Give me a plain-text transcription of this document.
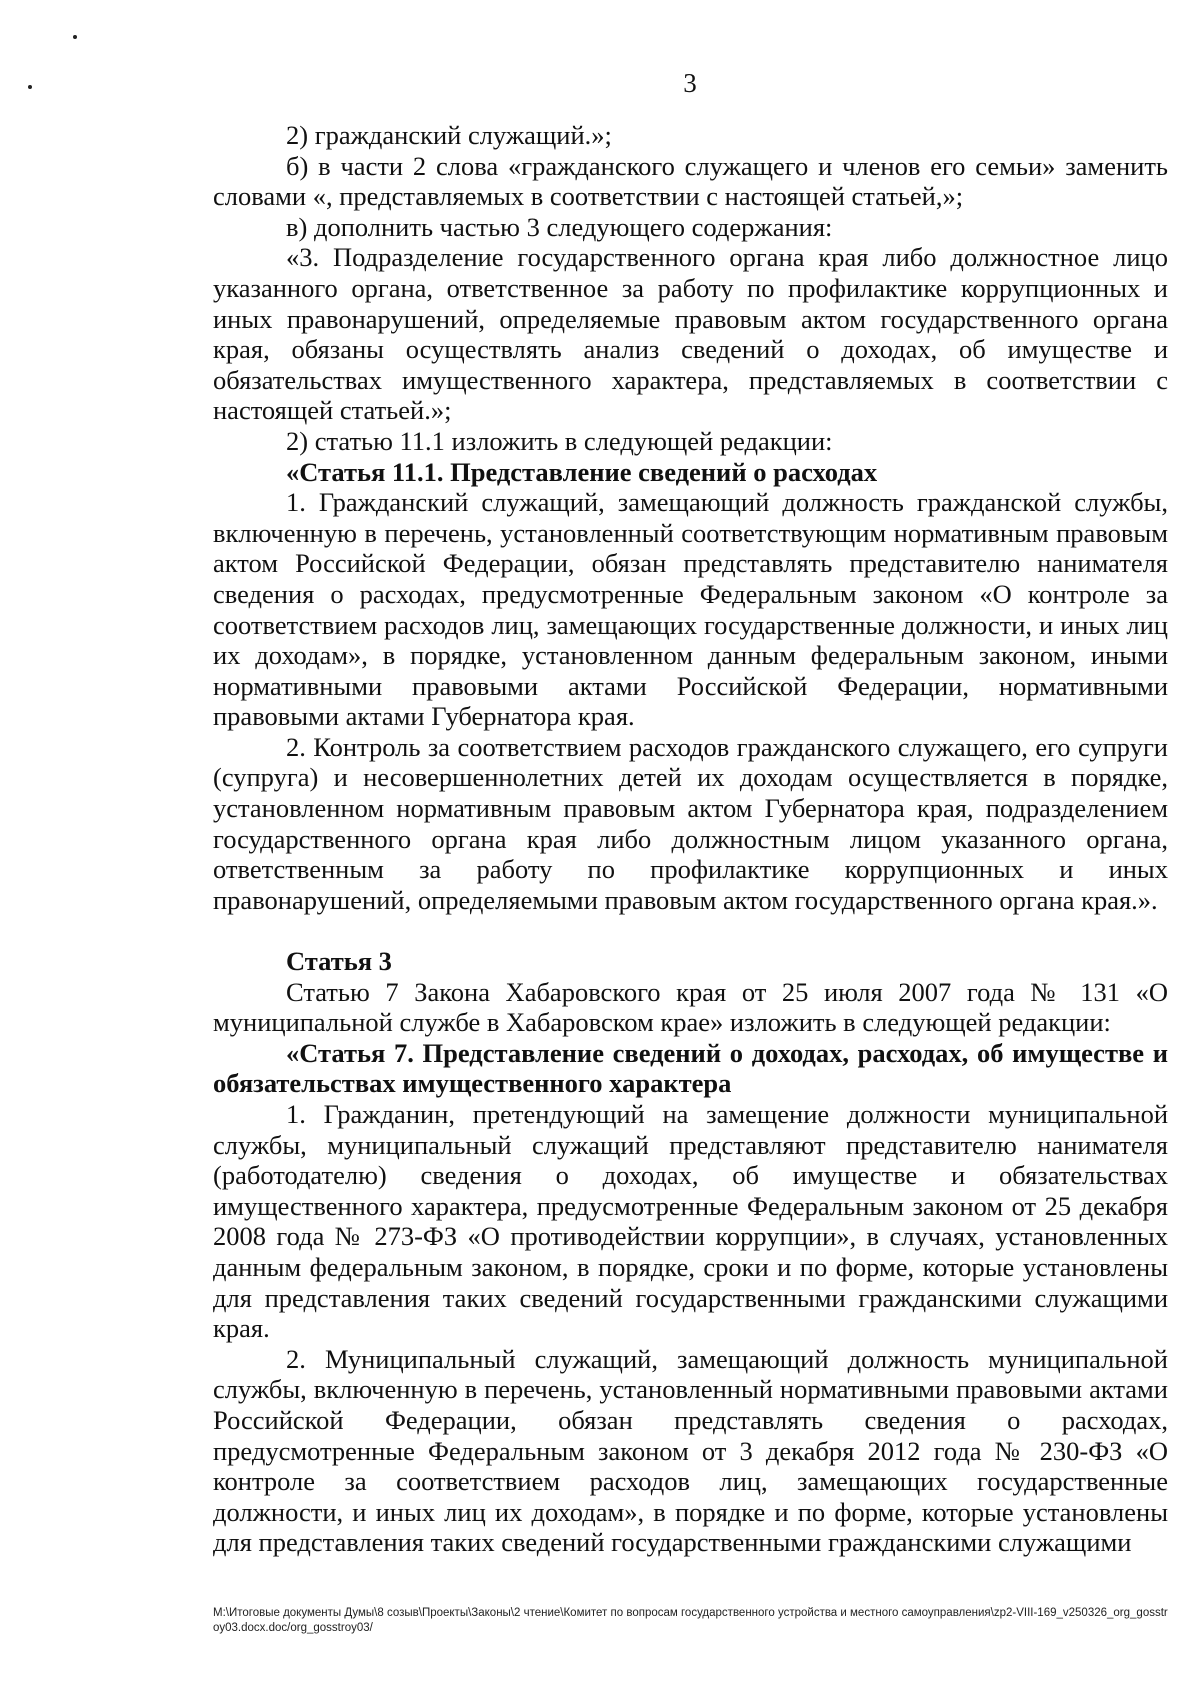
3

2) гражданский служащий.»;

б) в части 2 слова «гражданского служащего и членов его семьи» заменить словами «, представляемых в соответствии с настоящей статьей,»;

в) дополнить частью 3 следующего содержания:

«3. Подразделение государственного органа края либо должностное лицо указанного органа, ответственное за работу по профилактике коррупционных и иных правонарушений, определяемые правовым актом государственного органа края, обязаны осуществлять анализ сведений о доходах, об имуществе и обязательствах имущественного характера, представляемых в соответствии с настоящей статьей.»;

2) статью 11.1 изложить в следующей редакции:

«Статья 11.1. Представление сведений о расходах

1. Гражданский служащий, замещающий должность гражданской службы, включенную в перечень, установленный соответствующим нормативным правовым актом Российской Федерации, обязан представлять представителю нанимателя сведения о расходах, предусмотренные Федеральным законом «О контроле за соответствием расходов лиц, замещающих государственные должности, и иных лиц их доходам», в порядке, установленном данным федеральным законом, иными нормативными правовыми актами Российской Федерации, нормативными правовыми актами Губернатора края.

2. Контроль за соответствием расходов гражданского служащего, его супруги (супруга) и несовершеннолетних детей их доходам осуществляется в порядке, установленном нормативным правовым актом Губернатора края, подразделением государственного органа края либо должностным лицом указанного органа, ответственным за работу по профилактике коррупционных и иных правонарушений, определяемыми правовым актом государственного органа края.».

Статья 3

Статью 7 Закона Хабаровского края от 25 июля 2007 года № 131 «О муниципальной службе в Хабаровском крае» изложить в следующей редакции:

«Статья 7. Представление сведений о доходах, расходах, об имуществе и обязательствах имущественного характера

1. Гражданин, претендующий на замещение должности муниципальной службы, муниципальный служащий представляют представителю нанимателя (работодателю) сведения о доходах, об имуществе и обязательствах имущественного характера, предусмотренные Федеральным законом от 25 декабря 2008 года № 273-ФЗ «О противодействии коррупции», в случаях, установленных данным федеральным законом, в порядке, сроки и по форме, которые установлены для представления таких сведений государственными гражданскими служащими края.

2. Муниципальный служащий, замещающий должность муниципальной службы, включенную в перечень, установленный нормативными правовыми актами Российской Федерации, обязан представлять сведения о расходах, предусмотренные Федеральным законом от 3 декабря 2012 года № 230-ФЗ «О контроле за соответствием расходов лиц, замещающих государственные должности, и иных лиц их доходам», в порядке и по форме, которые установлены для представления таких сведений государственными гражданскими служащими

M:\Итоговые документы Думы\8 созыв\Проекты\Законы\2 чтение\Комитет по вопросам государственного устройства и местного самоуправления\zp2-VIII-169_v250326_org_gosstroy03.docx.doc/org_gosstroy03/
